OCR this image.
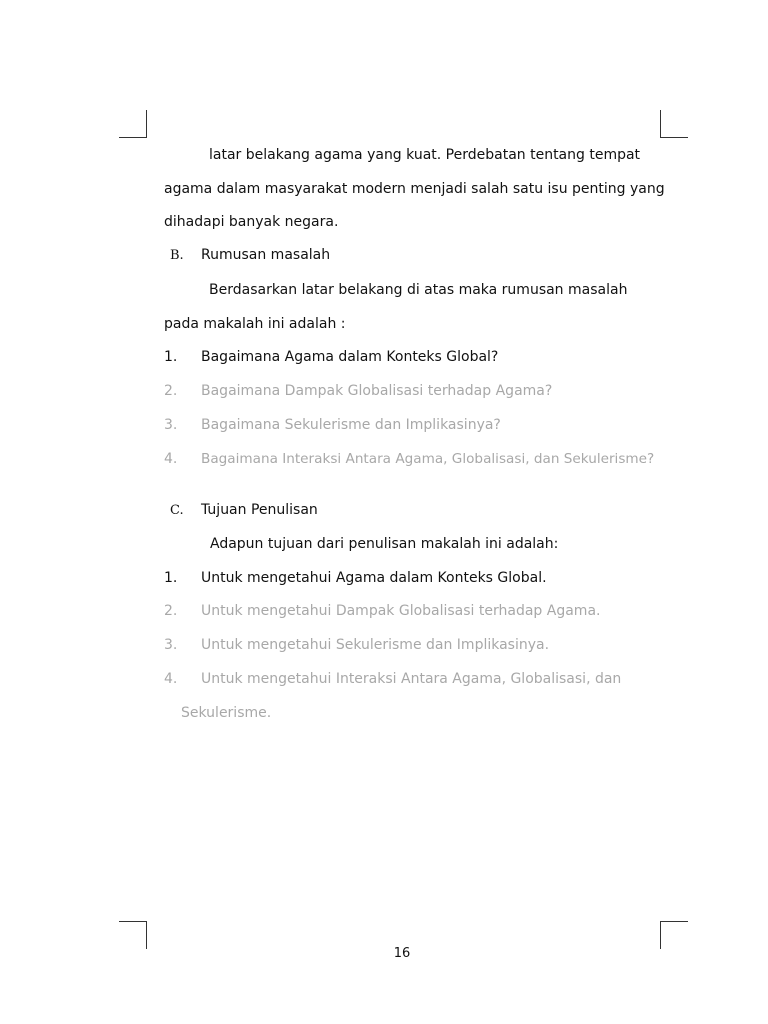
latar belakang agama yang kuat. Perdebatan tentang tempat
agama dalam masyarakat modern menjadi salah satu isu penting yang
dihadapi banyak negara.
B. Rumusan masalah
Berdasarkan latar belakang di atas maka rumusan masalah
pada makalah ini adalah :
1. Bagaimana Agama dalam Konteks Global?
2. Bagaimana Dampak Globalisasi terhadap Agama?
3. Bagaimana Sekulerisme dan Implikasinya?
4. Bagaimana Interaksi Antara Agama, Globalisasi, dan Sekulerisme?
C. Tujuan Penulisan
Adapun tujuan dari penulisan makalah ini adalah:
1. Untuk mengetahui Agama dalam Konteks Global.
2. Untuk mengetahui Dampak Globalisasi terhadap Agama.
3. Untuk mengetahui Sekulerisme dan Implikasinya.
4. Untuk mengetahui Interaksi Antara Agama, Globalisasi, dan
Sekulerisme.
16
